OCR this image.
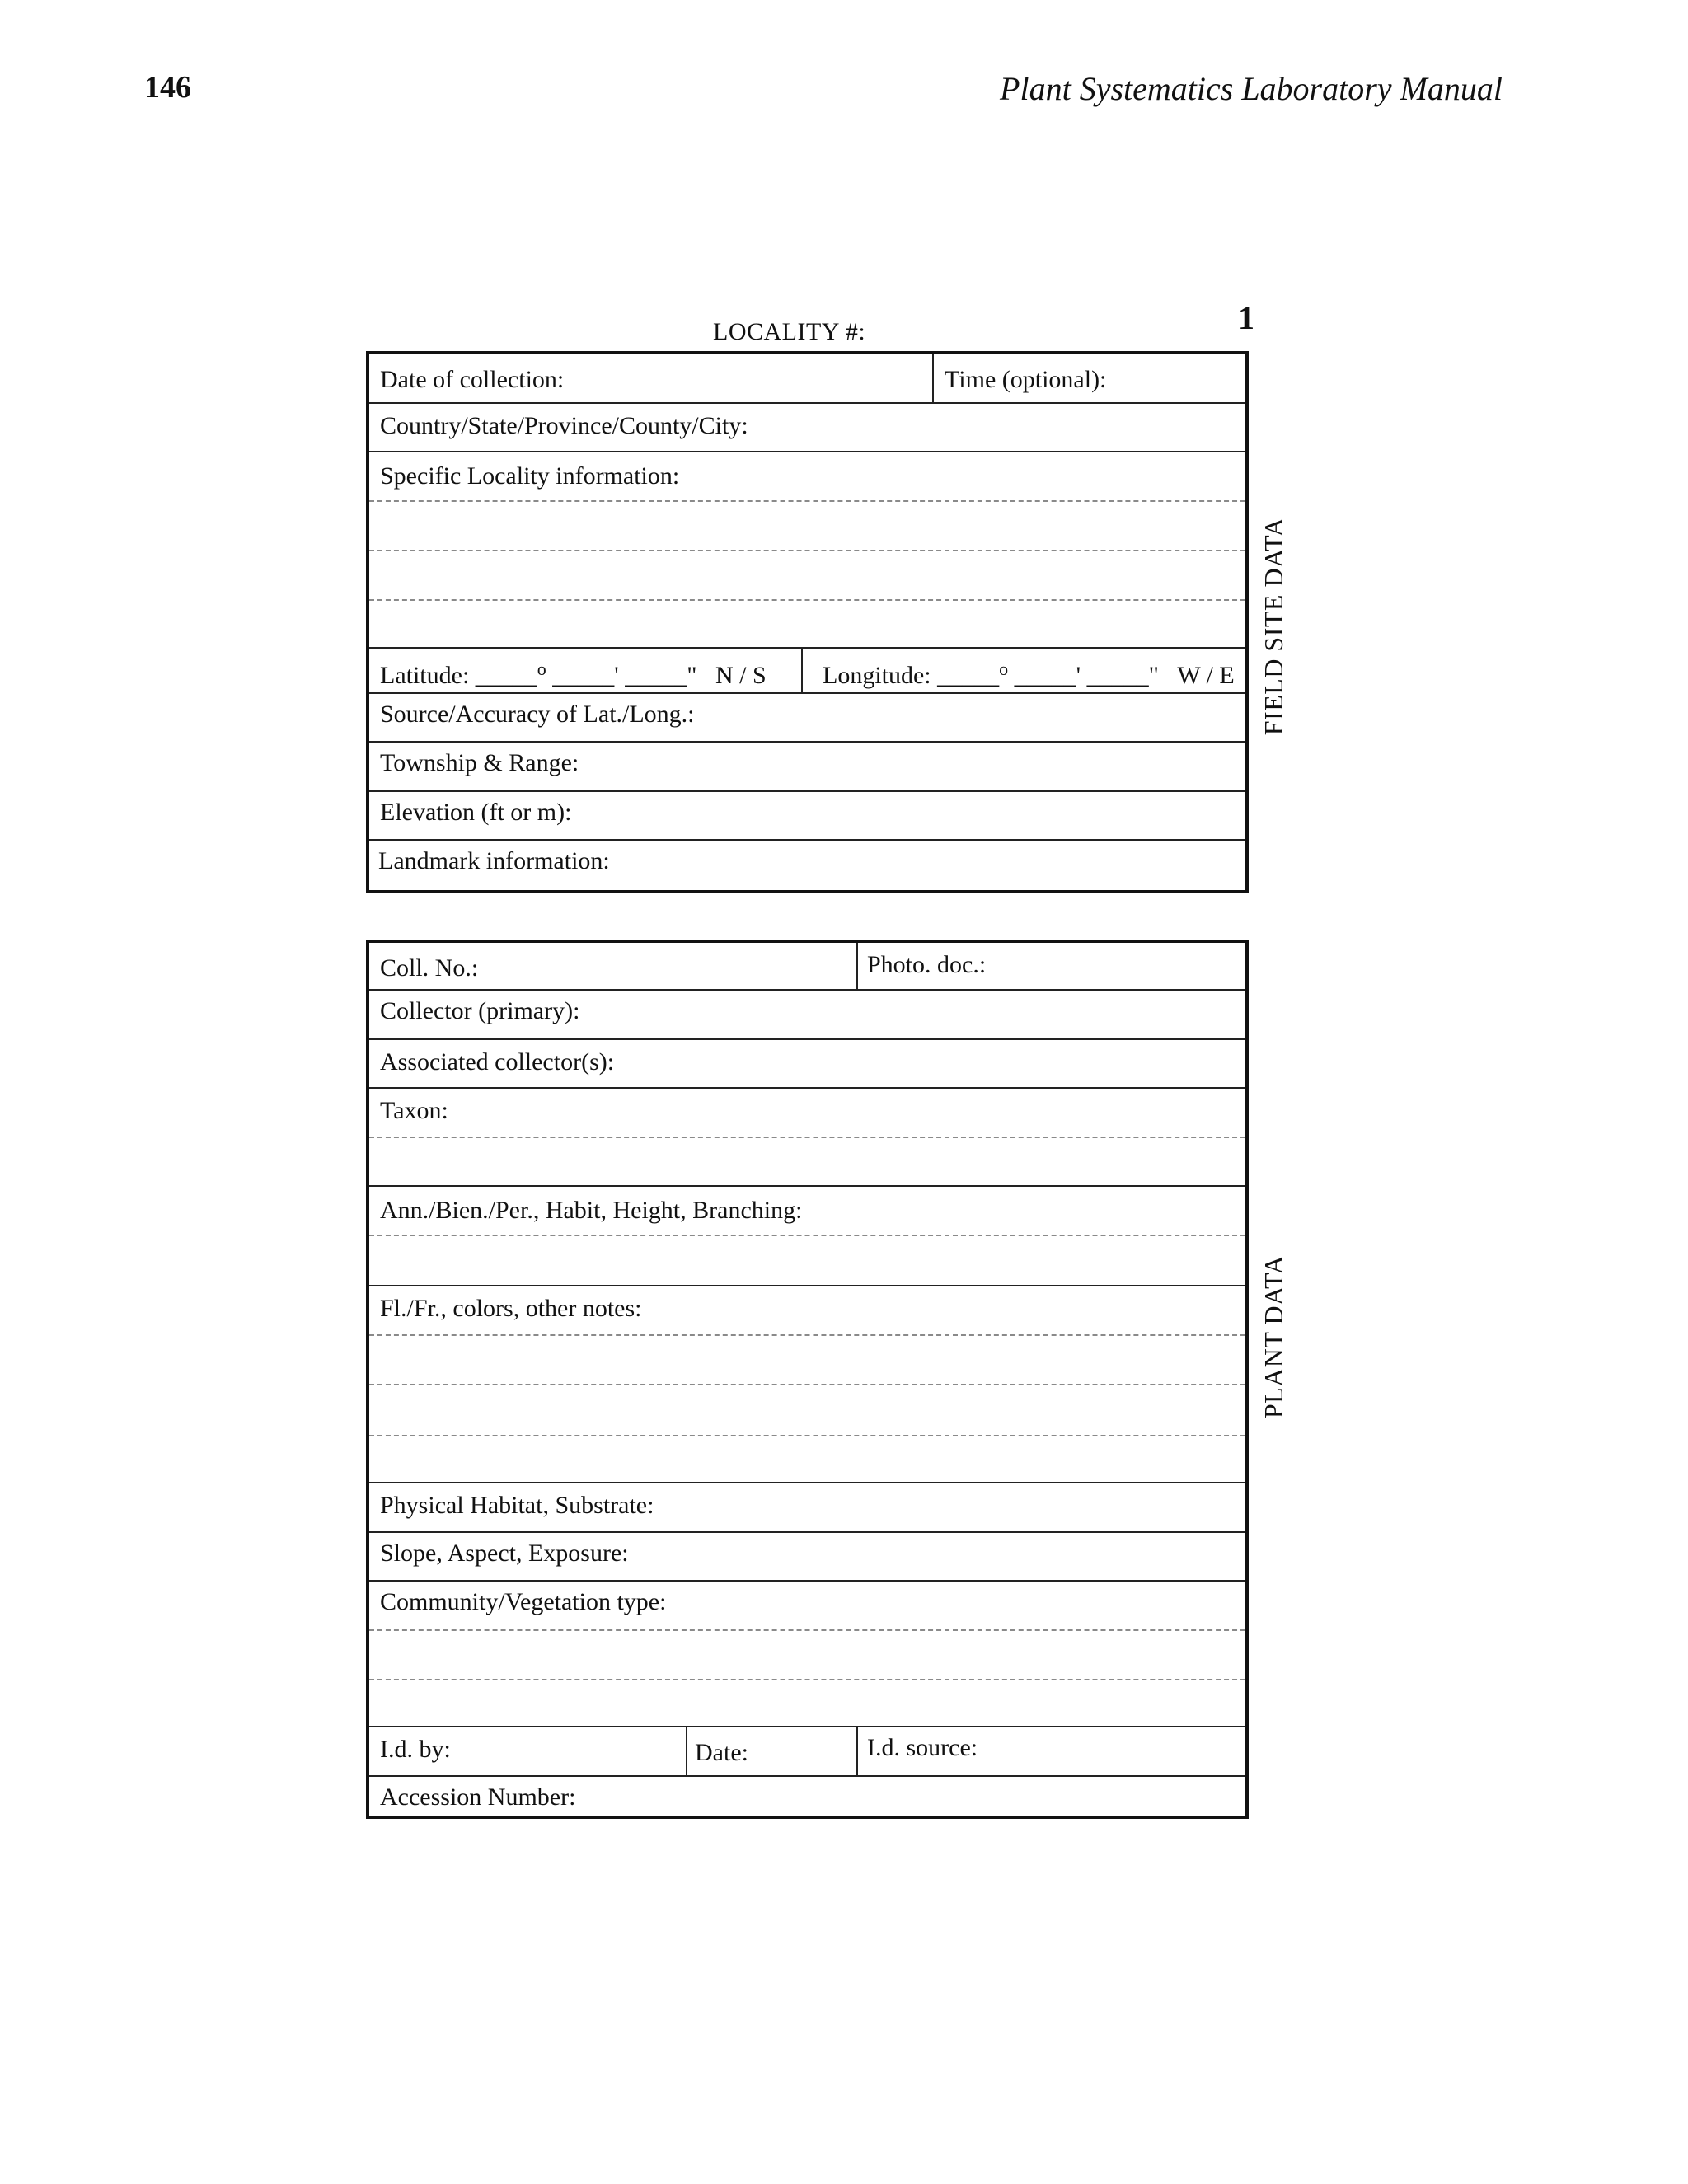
146	Plant Systematics Laboratory Manual
1
LOCALITY #:
Date of collection:	Time (optional):
Country/State/Province/County/City:
Specific Locality information:
Latitude: _____$^o$ _____' _____" N / S Longitude: _____$^o$ _____' _____" W / E
Source/Accuracy of Lat./Long.:
Township & Range:
Elevation (ft or m):
Landmark information:
FIELD SITE DATA
Coll. No.:	Photo. doc.:
Collector (primary):
Associated collector(s):
Taxon:
Ann./Bien./Per., Habit, Height, Branching:
Fl./Fr., colors, other notes:
Physical Habitat, Substrate:
Slope, Aspect, Exposure:
Community/Vegetation type:
I.d. by:	Date:	I.d. source:
Accession Number:
PLANT DATA
